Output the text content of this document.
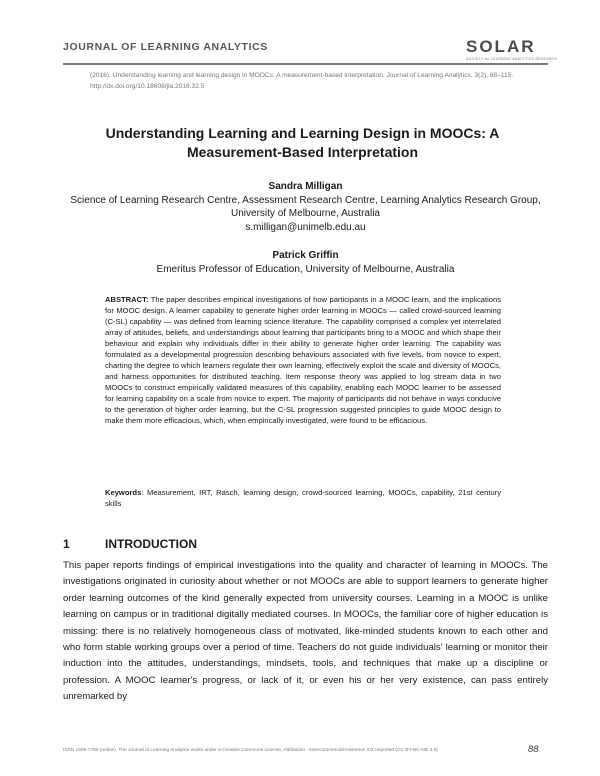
JOURNAL OF LEARNING ANALYTICS	SOLAR
SOCIETY for LEARNING ANALYTICS RESEARCH
(2016). Understanding learning and learning design in MOOCs: A measurement-based interpretation. Journal of Learning Analytics, 3(2), 88–115. http://dx.doi.org/10.18608/jla.2016.32.5
Understanding Learning and Learning Design in MOOCs: A Measurement-Based Interpretation
Sandra Milligan
Science of Learning Research Centre, Assessment Research Centre, Learning Analytics Research Group, University of Melbourne, Australia
s.milligan@unimelb.edu.au
Patrick Griffin
Emeritus Professor of Education, University of Melbourne, Australia
ABSTRACT: The paper describes empirical investigations of how participants in a MOOC learn, and the implications for MOOC design. A learner capability to generate higher order learning in MOOCs — called crowd-sourced learning (C-SL) capability — was defined from learning science literature. The capability comprised a complex yet interrelated array of attitudes, beliefs, and understandings about learning that participants bring to a MOOC and which shape their behaviour and explain why individuals differ in their ability to generate higher order learning. The capability was formulated as a developmental progression describing behaviours associated with five levels, from novice to expert, charting the degree to which learners regulate their own learning, effectively exploit the scale and diversity of MOOCs, and harness opportunities for distributed teaching. Item response theory was applied to log stream data in two MOOCs to construct empirically validated measures of this capability, enabling each MOOC learner to be assessed for learning capability on a scale from novice to expert. The majority of participants did not behave in ways conducive to the generation of higher order learning, but the C-SL progression suggested principles to guide MOOC design to make them more efficacious, which, when empirically investigated, were found to be efficacious.
Keywords: Measurement, IRT, Rasch, learning design, crowd-sourced learning, MOOCs, capability, 21st century skills
1	INTRODUCTION
This paper reports findings of empirical investigations into the quality and character of learning in MOOCs. The investigations originated in curiosity about whether or not MOOCs are able to support learners to generate higher order learning outcomes of the kind generally expected from university courses. Learning in a MOOC is unlike learning on campus or in traditional digitally mediated courses. In MOOCs, the familiar core of higher education is missing: there is no relatively homogeneous class of motivated, like-minded students known to each other and who form stable working groups over a period of time. Teachers do not guide individuals' learning or monitor their induction into the attitudes, understandings, mindsets, tools, and techniques that make up a discipline or profession. A MOOC learner's progress, or lack of it, or even his or her very existence, can pass entirely unremarked by
ISSN 1929-7750 (online). The Journal of Learning Analytics works under a Creative Commons License, Attribution - NonCommercial-NoDerivs 3.0 Unported (CC BY-NC-ND 3.0)	88
